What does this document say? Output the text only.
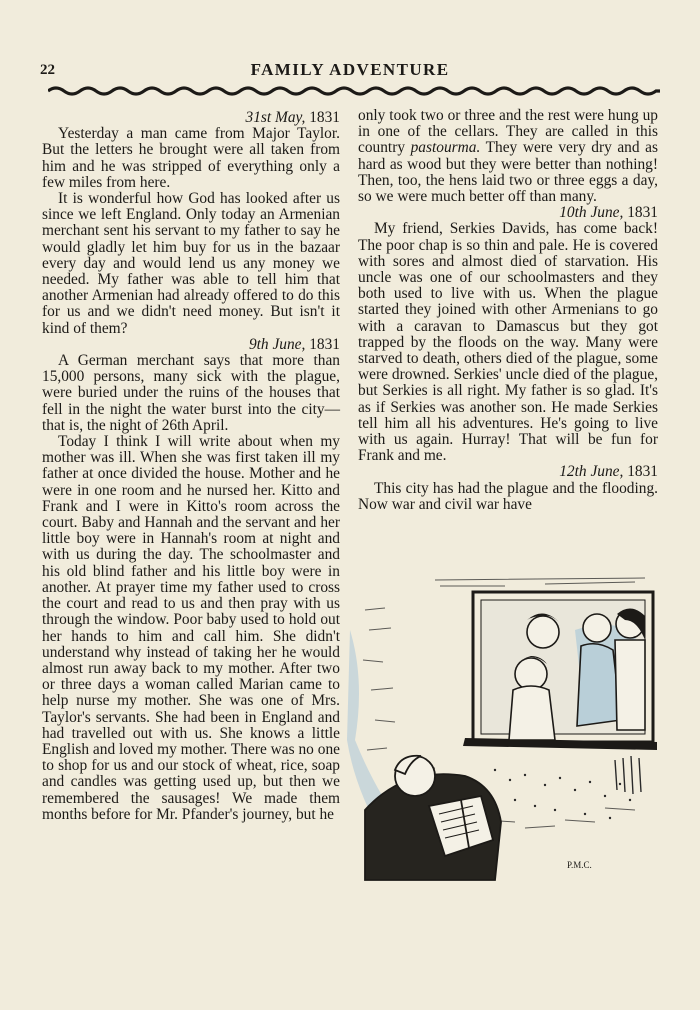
22	FAMILY ADVENTURE

31st May, 1831

Yesterday a man came from Major Taylor. But the letters he brought were all taken from him and he was stripped of everything only a few miles from here.

It is wonderful how God has looked after us since we left England. Only today an Armenian merchant sent his servant to my father to say he would gladly let him buy for us in the bazaar every day and would lend us any money we needed. My father was able to tell him that another Armenian had already offered to do this for us and we didn't need money. But isn't it kind of them?

9th June, 1831

A German merchant says that more than 15,000 persons, many sick with the plague, were buried under the ruins of the houses that fell in the night the water burst into the city—that is, the night of 26th April.

Today I think I will write about when my mother was ill. When she was first taken ill my father at once divided the house. Mother and he were in one room and he nursed her. Kitto and Frank and I were in Kitto's room across the court. Baby and Hannah and the servant and her little boy were in Hannah's room at night and with us during the day. The schoolmaster and his old blind father and his little boy were in another. At prayer time my father used to cross the court and read to us and then pray with us through the window. Poor baby used to hold out her hands to him and call him. She didn't understand why instead of taking her he would almost run away back to my mother. After two or three days a woman called Marian came to help nurse my mother. She was one of Mrs. Taylor's servants. She had been in England and had travelled out with us. She knows a little English and loved my mother. There was no one to shop for us and our stock of wheat, rice, soap and candles was getting used up, but then we remembered the sausages! We made them months before for Mr. Pfander's journey, but he

only took two or three and the rest were hung up in one of the cellars. They are called in this country pastourma. They were very dry and as hard as wood but they were better than nothing! Then, too, the hens laid two or three eggs a day, so we were much better off than many.

10th June, 1831

My friend, Serkies Davids, has come back! The poor chap is so thin and pale. He is covered with sores and almost died of starvation. His uncle was one of our schoolmasters and they both used to live with us. When the plague started they joined with other Armenians to go with a caravan to Damascus but they got trapped by the floods on the way. Many were starved to death, others died of the plague, some were drowned. Serkies' uncle died of the plague, but Serkies is all right. My father is so glad. It's as if Serkies was another son. He made Serkies tell him all his adventures. He's going to live with us again. Hurray! That will be fun for Frank and me.

12th June, 1831

This city has had the plague and the flooding. Now war and civil war have

P.M.C.
